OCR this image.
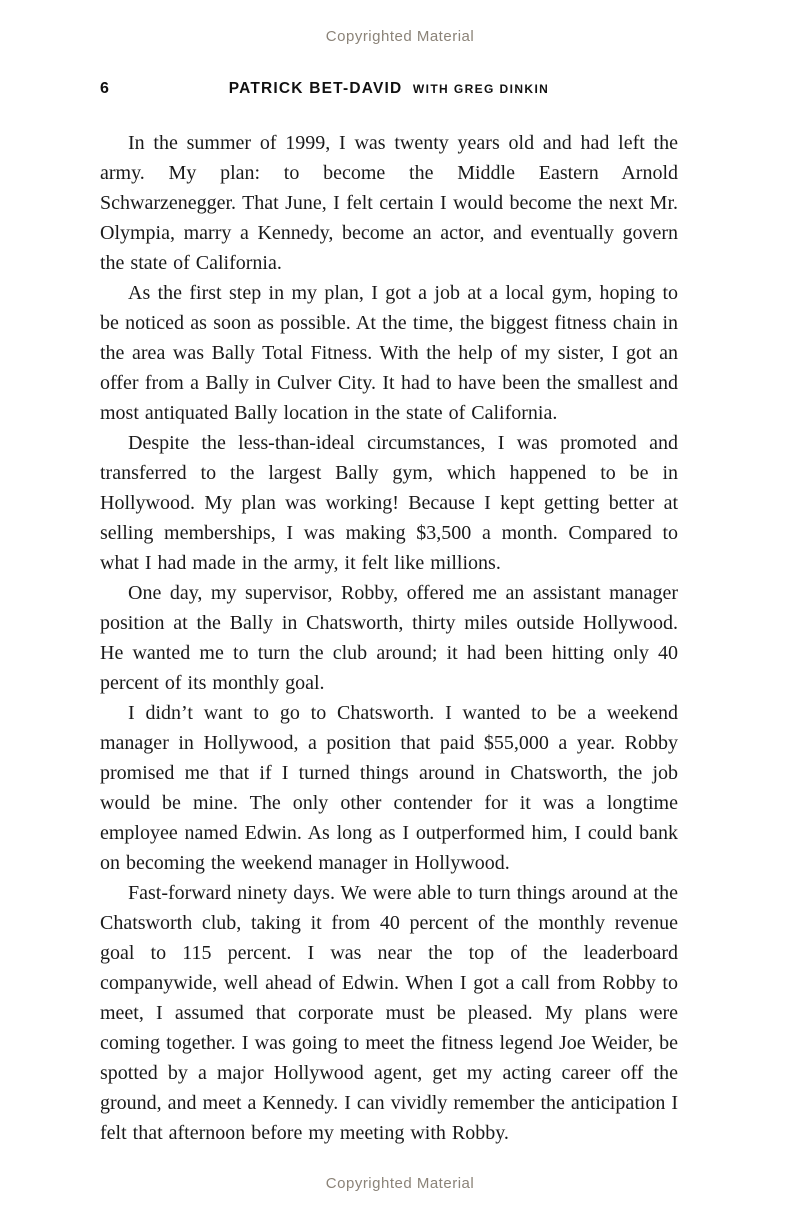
Copyrighted Material
6	PATRICK BET-DAVID WITH GREG DINKIN

In the summer of 1999, I was twenty years old and had left the army. My plan: to become the Middle Eastern Arnold Schwarzenegger. That June, I felt certain I would become the next Mr. Olympia, marry a Kennedy, become an actor, and eventually govern the state of California.

As the first step in my plan, I got a job at a local gym, hoping to be noticed as soon as possible. At the time, the biggest fitness chain in the area was Bally Total Fitness. With the help of my sister, I got an offer from a Bally in Culver City. It had to have been the smallest and most antiquated Bally location in the state of California.

Despite the less-than-ideal circumstances, I was promoted and transferred to the largest Bally gym, which happened to be in Hollywood. My plan was working! Because I kept getting better at selling memberships, I was making $3,500 a month. Compared to what I had made in the army, it felt like millions.

One day, my supervisor, Robby, offered me an assistant manager position at the Bally in Chatsworth, thirty miles outside Hollywood. He wanted me to turn the club around; it had been hitting only 40 percent of its monthly goal.

I didn’t want to go to Chatsworth. I wanted to be a weekend manager in Hollywood, a position that paid $55,000 a year. Robby promised me that if I turned things around in Chatsworth, the job would be mine. The only other contender for it was a longtime employee named Edwin. As long as I outperformed him, I could bank on becoming the weekend manager in Hollywood.

Fast-forward ninety days. We were able to turn things around at the Chatsworth club, taking it from 40 percent of the monthly revenue goal to 115 percent. I was near the top of the leaderboard companywide, well ahead of Edwin. When I got a call from Robby to meet, I assumed that corporate must be pleased. My plans were coming together. I was going to meet the fitness legend Joe Weider, be spotted by a major Hollywood agent, get my acting career off the ground, and meet a Kennedy. I can vividly remember the anticipation I felt that afternoon before my meeting with Robby.

Copyrighted Material
